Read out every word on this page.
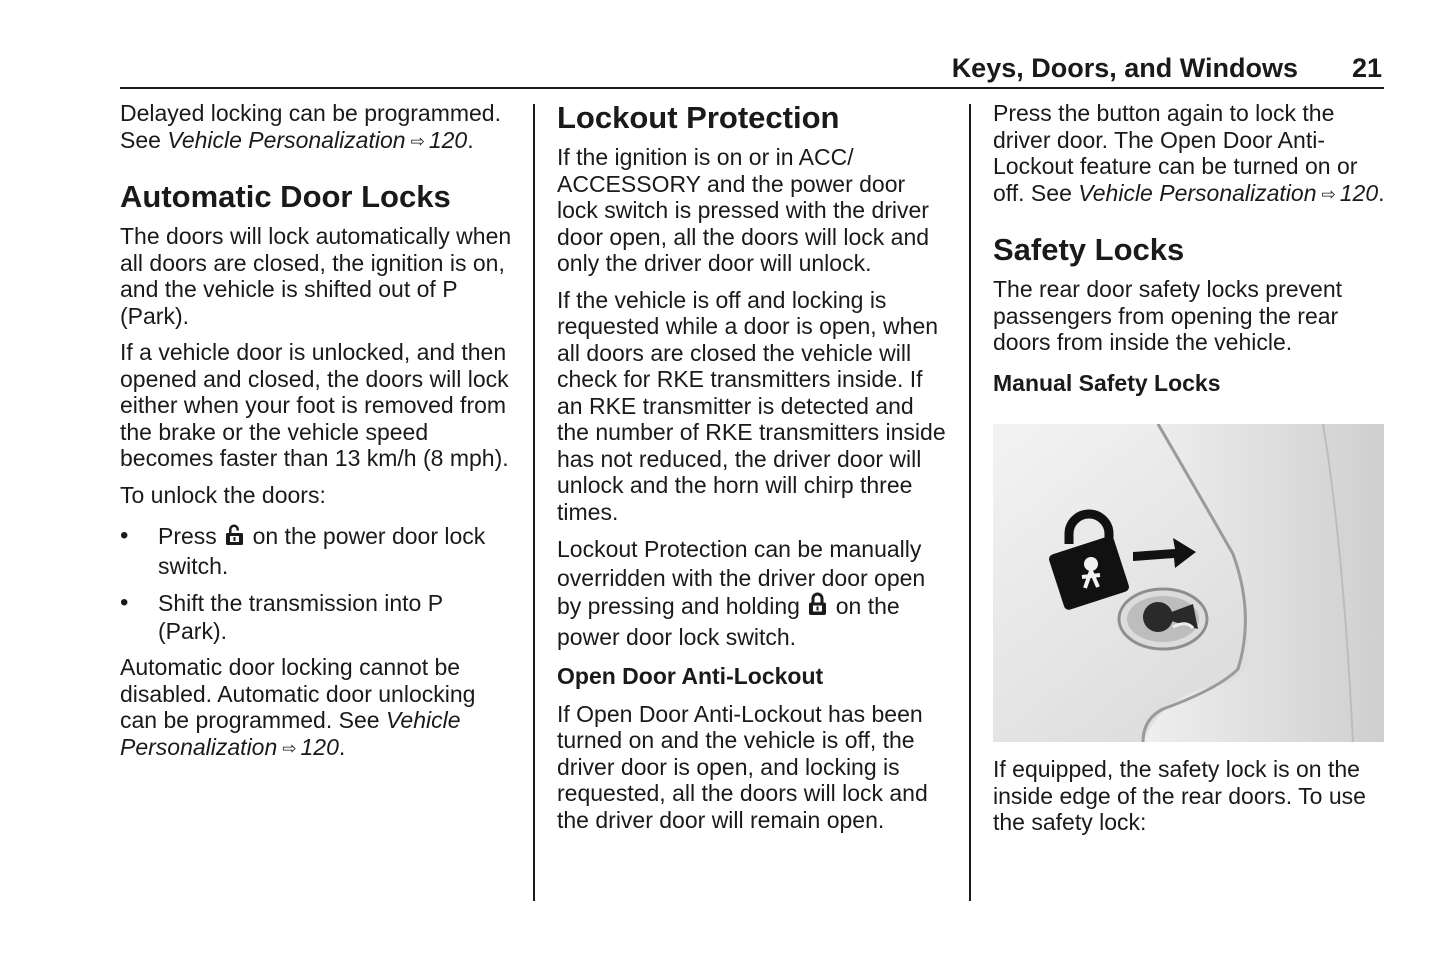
Keys, Doors, and Windows 21

Delayed locking can be programmed. See Vehicle Personalization ⇨ 120.

Automatic Door Locks

The doors will lock automatically when all doors are closed, the ignition is on, and the vehicle is shifted out of P (Park).

If a vehicle door is unlocked, and then opened and closed, the doors will lock either when your foot is removed from the brake or the vehicle speed becomes faster than 13 km/h (8 mph).

To unlock the doors:

• Press on the power door lock switch.
• Shift the transmission into P (Park).

Automatic door locking cannot be disabled. Automatic door unlocking can be programmed. See Vehicle Personalization ⇨ 120.

Lockout Protection

If the ignition is on or in ACC/ ACCESSORY and the power door lock switch is pressed with the driver door open, all the doors will lock and only the driver door will unlock.

If the vehicle is off and locking is requested while a door is open, when all doors are closed the vehicle will check for RKE transmitters inside. If an RKE transmitter is detected and the number of RKE transmitters inside has not reduced, the driver door will unlock and the horn will chirp three times.

Lockout Protection can be manually overridden with the driver door open by pressing and holding on the power door lock switch.

Open Door Anti-Lockout

If Open Door Anti-Lockout has been turned on and the vehicle is off, the driver door is open, and locking is requested, all the doors will lock and the driver door will remain open.

Press the button again to lock the driver door. The Open Door Anti-Lockout feature can be turned on or off. See Vehicle Personalization ⇨ 120.

Safety Locks

The rear door safety locks prevent passengers from opening the rear doors from inside the vehicle.

Manual Safety Locks

If equipped, the safety lock is on the inside edge of the rear doors. To use the safety lock:
